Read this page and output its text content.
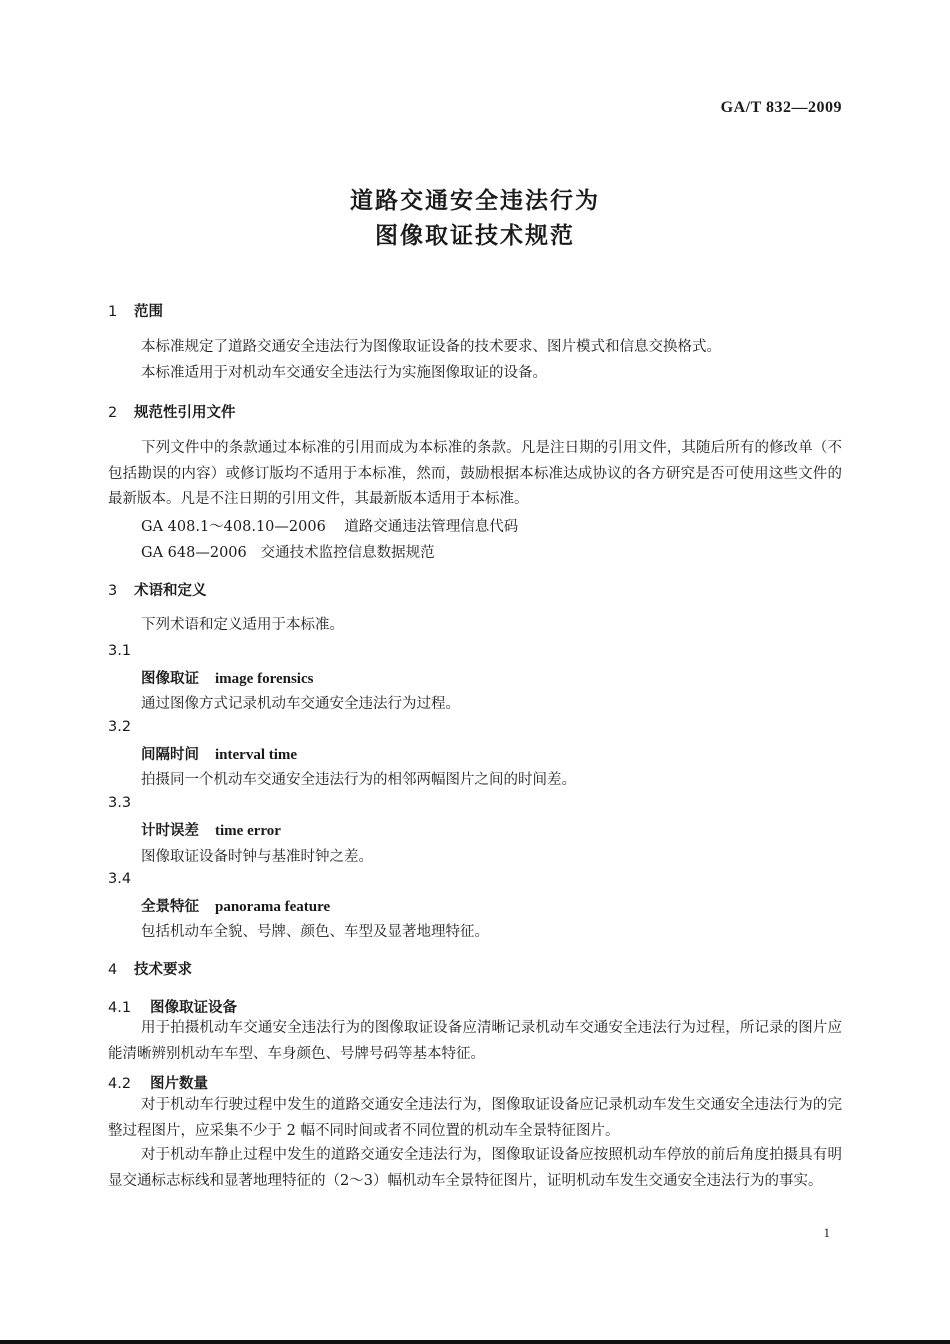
GA/T 832—2009
道路交通安全违法行为
图像取证技术规范
1 范围
本标准规定了道路交通安全违法行为图像取证设备的技术要求、图片模式和信息交换格式。
本标准适用于对机动车交通安全违法行为实施图像取证的设备。
2 规范性引用文件
下列文件中的条款通过本标准的引用而成为本标准的条款。凡是注日期的引用文件，其随后所有的修改单（不包括勘误的内容）或修订版均不适用于本标准，然而，鼓励根据本标准达成协议的各方研究是否可使用这些文件的最新版本。凡是不注日期的引用文件，其最新版本适用于本标准。
GA 408.1～408.10—2006    道路交通违法管理信息代码
GA 648—2006   交通技术监控信息数据规范
3 术语和定义
下列术语和定义适用于本标准。
3.1
图像取证 image forensics
通过图像方式记录机动车交通安全违法行为过程。
3.2
间隔时间 interval time
拍摄同一个机动车交通安全违法行为的相邻两幅图片之间的时间差。
3.3
计时误差 time error
图像取证设备时钟与基准时钟之差。
3.4
全景特征 panorama feature
包括机动车全貌、号牌、颜色、车型及显著地理特征。
4 技术要求
4.1 图像取证设备
用于拍摄机动车交通安全违法行为的图像取证设备应清晰记录机动车交通安全违法行为过程，所记录的图片应能清晰辨别机动车车型、车身颜色、号牌号码等基本特征。
4.2 图片数量
对于机动车行驶过程中发生的道路交通安全违法行为，图像取证设备应记录机动车发生交通安全违法行为的完整过程图片，应采集不少于 2 幅不同时间或者不同位置的机动车全景特征图片。
对于机动车静止过程中发生的道路交通安全违法行为，图像取证设备应按照机动车停放的前后角度拍摄具有明显交通标志标线和显著地理特征的（2～3）幅机动车全景特征图片，证明机动车发生交通安全违法行为的事实。
1
